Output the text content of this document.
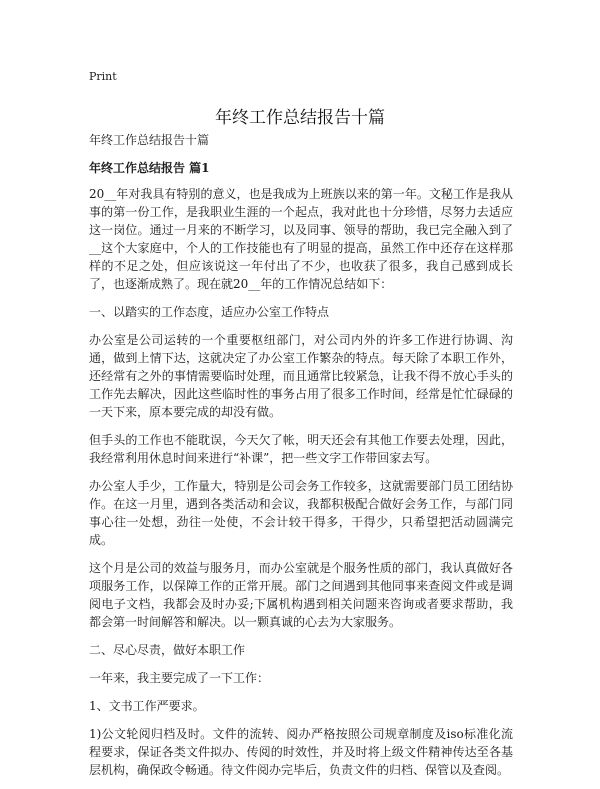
Print
年终工作总结报告十篇

年终工作总结报告十篇

年终工作总结报告 篇1

20__年对我具有特别的意义，也是我成为上班族以来的第一年。文秘工作是我从事的第一份工作，是我职业生涯的一个起点，我对此也十分珍惜，尽努力去适应这一岗位。通过一月来的不断学习，以及同事、领导的帮助，我已完全融入到了__这个大家庭中，个人的工作技能也有了明显的提高，虽然工作中还存在这样那样的不足之处，但应该说这一年付出了不少，也收获了很多，我自己感到成长了，也逐渐成熟了。现在就20__年的工作情况总结如下：

一、以踏实的工作态度，适应办公室工作特点

办公室是公司运转的一个重要枢纽部门，对公司内外的许多工作进行协调、沟通，做到上情下达，这就决定了办公室工作繁杂的特点。每天除了本职工作外，还经常有之外的事情需要临时处理，而且通常比较紧急，让我不得不放心手头的工作先去解决，因此这些临时性的事务占用了很多工作时间，经常是忙忙碌碌的一天下来，原本要完成的却没有做。

但手头的工作也不能耽误，今天欠了帐，明天还会有其他工作要去处理，因此，我经常利用休息时间来进行“补课”，把一些文字工作带回家去写。

办公室人手少，工作量大，特别是公司会务工作较多，这就需要部门员工团结协作。在这一月里，遇到各类活动和会议，我都积极配合做好会务工作，与部门同事心往一处想，劲往一处使，不会计较干得多，干得少，只希望把活动圆满完成。

这个月是公司的效益与服务月，而办公室就是个服务性质的部门，我认真做好各项服务工作，以保障工作的正常开展。部门之间遇到其他同事来查阅文件或是调阅电子文档，我都会及时办妥;下属机构遇到相关问题来咨询或者要求帮助，我都会第一时间解答和解决。以一颗真诚的心去为大家服务。

二、尽心尽责，做好本职工作

一年来，我主要完成了一下工作：

1、文书工作严要求。

1)公文轮阅归档及时。文件的流转、阅办严格按照公司规章制度及iso标准化流程要求，保证各类文件拟办、传阅的时效性，并及时将上级文件精神传达至各基层机构，确保政令畅通。待文件阅办完毕后，负责文件的归档、保管以及查阅。
